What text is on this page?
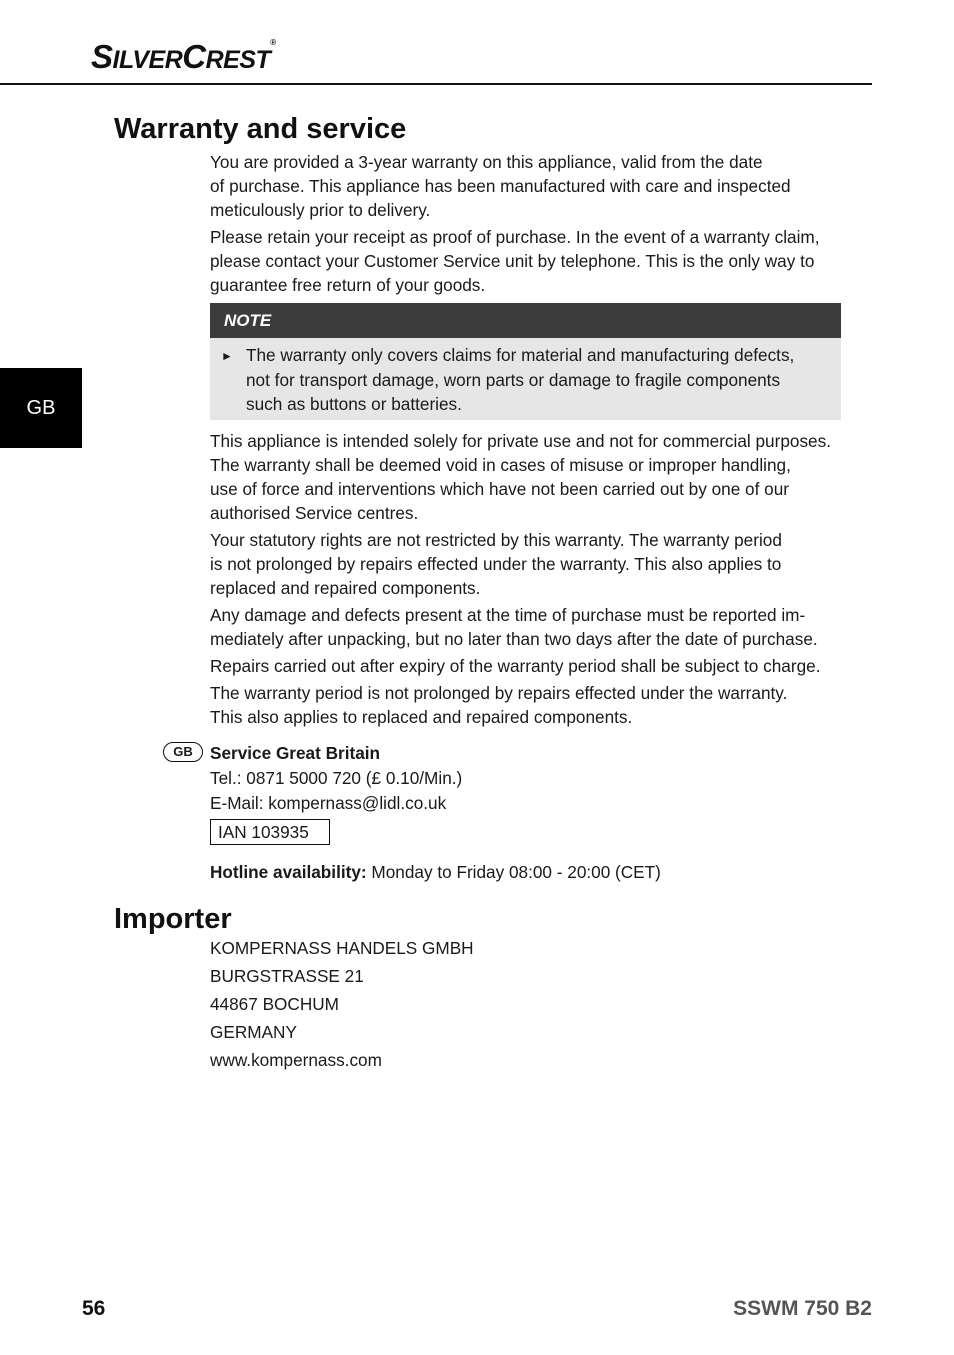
SILVERCREST®
GB
Warranty and service

You are provided a 3-year warranty on this appliance, valid from the date
of purchase. This appliance has been manufactured with care and inspected
meticulously prior to delivery.

Please retain your receipt as proof of purchase. In the event of a warranty claim,
please contact your Customer Service unit by telephone. This is the only way to
guarantee free return of your goods.

NOTE
► The warranty only covers claims for material and manufacturing defects,
not for transport damage, worn parts or damage to fragile components
such as buttons or batteries.

This appliance is intended solely for private use and not for commercial purposes.
The warranty shall be deemed void in cases of misuse or improper handling,
use of force and interventions which have not been carried out by one of our
authorised Service centres.

Your statutory rights are not restricted by this warranty. The warranty period
is not prolonged by repairs effected under the warranty. This also applies to
replaced and repaired components.

Any damage and defects present at the time of purchase must be reported im-
mediately after unpacking, but no later than two days after the date of purchase.

Repairs carried out after expiry of the warranty period shall be subject to charge.

The warranty period is not prolonged by repairs effected under the warranty.
This also applies to replaced and repaired components.

GB	Service Great Britain

Tel.: 0871 5000 720 (£ 0.10/Min.)

E-Mail: kompernass@lidl.co.uk

IAN 103935

Hotline availability: Monday to Friday 08:00 - 20:00 (CET)

Importer

KOMPERNASS HANDELS GMBH

BURGSTRASSE 21

44867 BOCHUM

GERMANY

www.kompernass.com

56	SSWM 750 B2
